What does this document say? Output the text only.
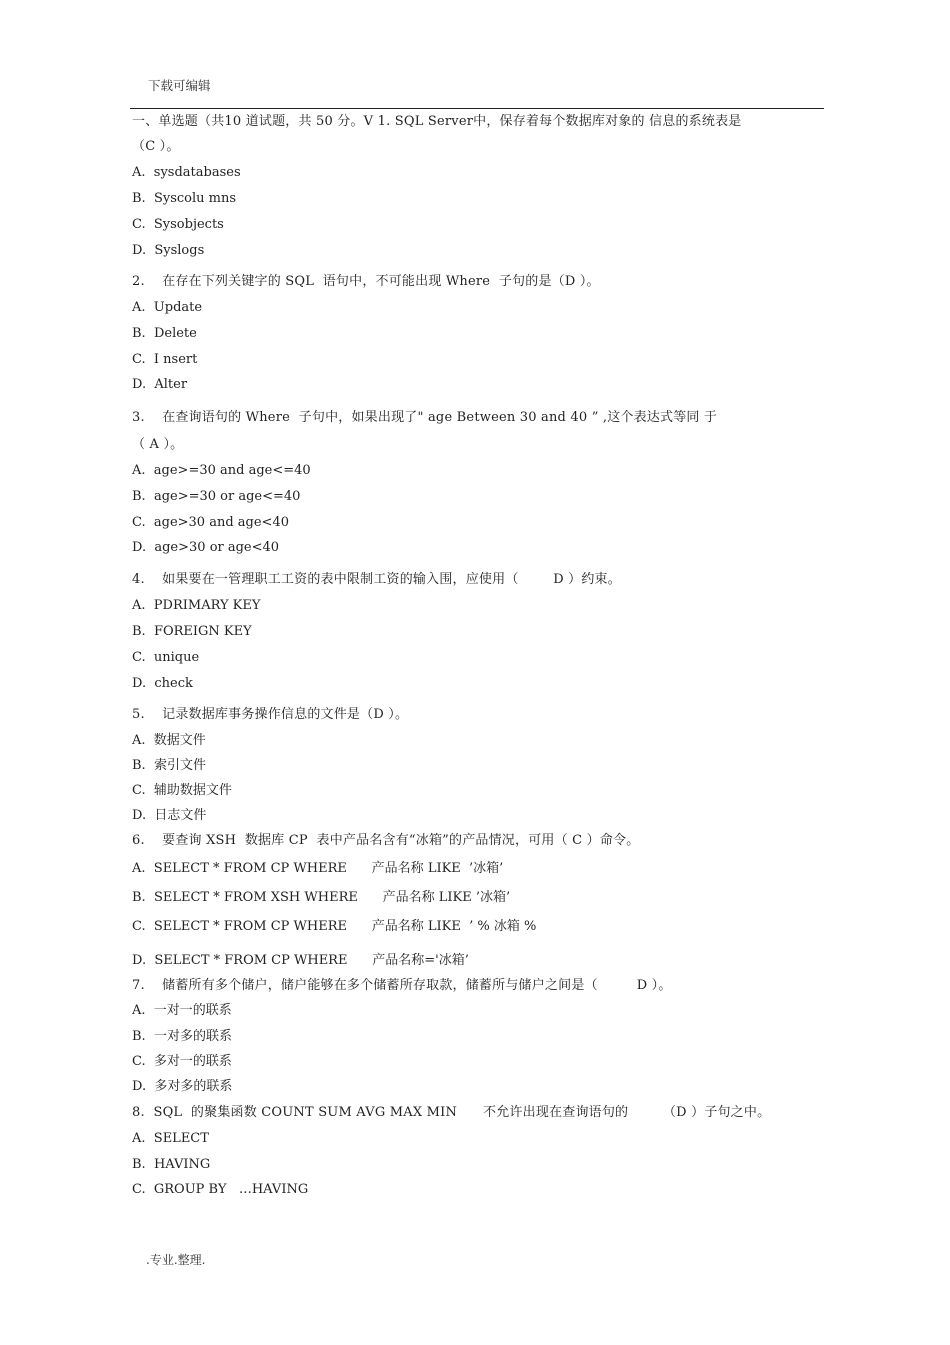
下载可编辑
一、单选题（共10 道试题，共 50 分。V 1. SQL Server中，保存着每个数据库对象的 信息的系统表是
（C ）。
A.  sysdatabases
B.  Syscolu mns
C.  Sysobjects
D.  Syslogs
2.    在存在下列关键字的 SQL  语句中，不可能出现 Where  子句的是（D ）。
A.  Update
B.  Delete
C.  I nsert
D.  Alter
3.    在查询语句的 Where  子句中，如果出现了" age Between 30 and 40 ” ,这个表达式等同 于
（ A ）。
A.  age>=30 and age<=40
B.  age>=30 or age<=40
C.  age>30 and age<40
D.  age>30 or age<40
4.    如果要在一管理职工工资的表中限制工资的输入围，应使用（        D ）约束。
A.  PDRIMARY KEY
B.  FOREIGN KEY
C.  unique
D.  check
5.    记录数据库事务操作信息的文件是（D ）。
A.  数据文件
B.  索引文件
C.  辅助数据文件
D.  日志文件
6.    要查询 XSH  数据库 CP  表中产品名含有“冰箱”的产品情况，可用（ C ）命令。
A.  SELECT * FROM CP WHERE      产品名称 LIKE  ’冰箱’
B.  SELECT * FROM XSH WHERE      产品名称 LIKE ’冰箱’
C.  SELECT * FROM CP WHERE      产品名称 LIKE  ’ % 冰箱 %
D.  SELECT * FROM CP WHERE      产品名称='冰箱’
7.    储蓄所有多个储户，储户能够在多个储蓄所存取款，储蓄所与储户之间是（         D ）。
A.  一对一的联系
B.  一对多的联系
C.  多对一的联系
D.  多对多的联系
8.  SQL  的聚集函数 COUNT SUM AVG MAX MIN      不允许出现在查询语句的        （D ）子句之中。
A.  SELECT
B.  HAVING
C.  GROUP BY   …HAVING
.专业.整理.
